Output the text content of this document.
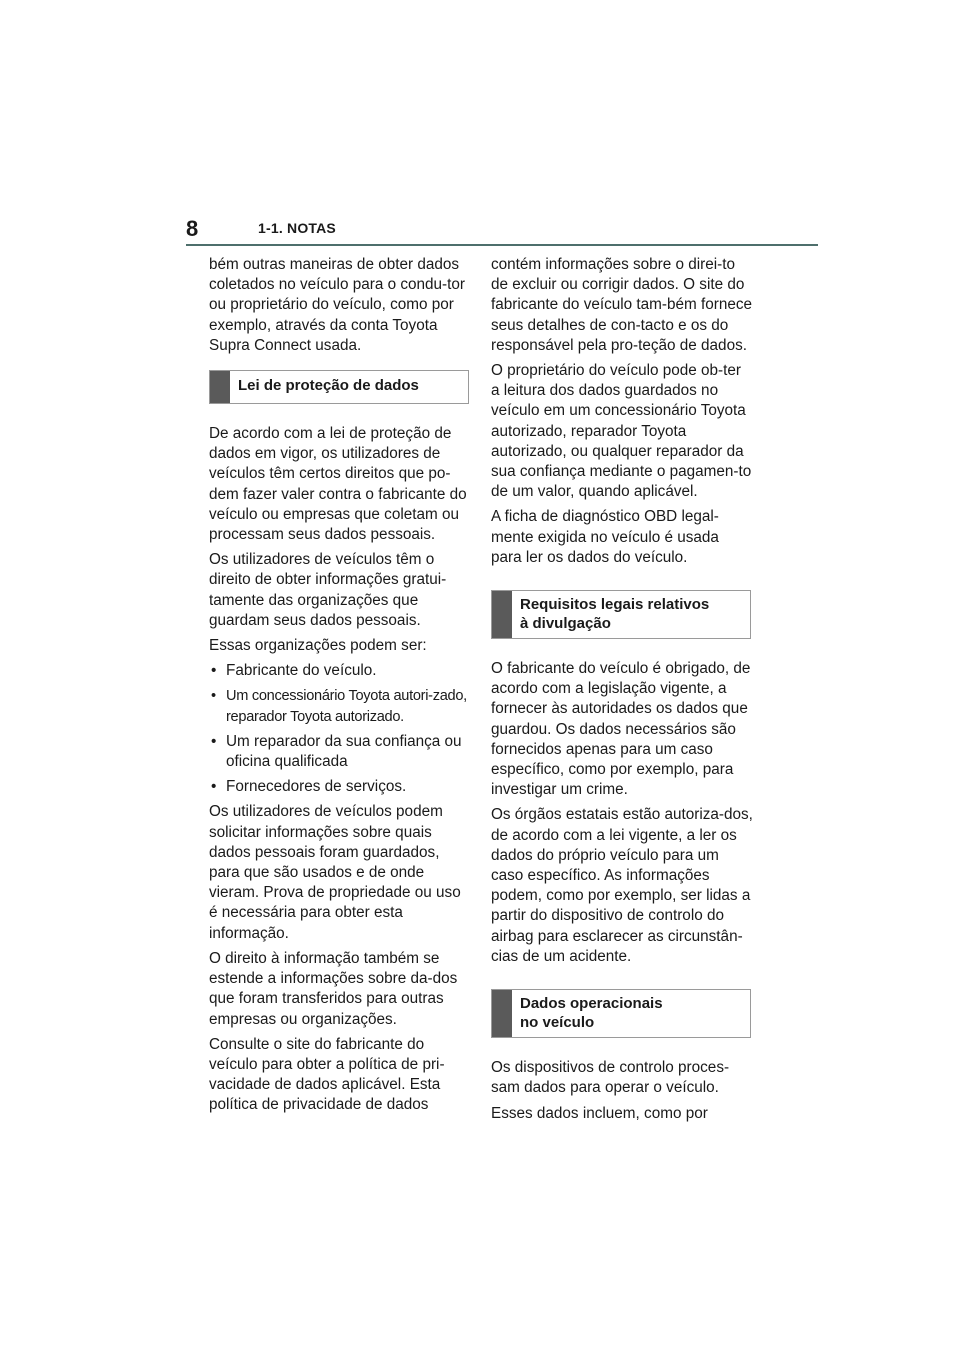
8	1-1. NOTAS

bém outras maneiras de obter dados coletados no veículo para o condu-tor ou proprietário do veículo, como por exemplo, através da conta Toyota Supra Connect usada.

Lei de proteção de dados

De acordo com a lei de proteção de dados em vigor, os utilizadores de veículos têm certos direitos que po-dem fazer valer contra o fabricante do veículo ou empresas que coletam ou processam seus dados pessoais.

Os utilizadores de veículos têm o direito de obter informações gratui-tamente das organizações que guardam seus dados pessoais.

Essas organizações podem ser:

• Fabricante do veículo.
• Um concessionário Toyota autori-zado, reparador Toyota autorizado.
• Um reparador da sua confiança ou oficina qualificada
• Fornecedores de serviços.

Os utilizadores de veículos podem solicitar informações sobre quais dados pessoais foram guardados, para que são usados e de onde vieram. Prova de propriedade ou uso é necessária para obter esta informação.

O direito à informação também se estende a informações sobre da-dos que foram transferidos para outras empresas ou organizações.

Consulte o site do fabricante do veículo para obter a política de pri-vacidade de dados aplicável. Esta política de privacidade de dados

contém informações sobre o direi-to de excluir ou corrigir dados. O site do fabricante do veículo tam-bém fornece seus detalhes de con-tacto e os do responsável pela pro-teção de dados.

O proprietário do veículo pode ob-ter a leitura dos dados guardados no veículo em um concessionário Toyota autorizado, reparador Toyota autorizado, ou qualquer reparador da sua confiança mediante o pagamen-to de um valor, quando aplicável.

A ficha de diagnóstico OBD legal-mente exigida no veículo é usada para ler os dados do veículo.

Requisitos legais relativos
à divulgação

O fabricante do veículo é obrigado, de acordo com a legislação vigente, a fornecer às autoridades os dados que guardou. Os dados necessários são fornecidos apenas para um caso específico, como por exemplo, para investigar um crime.

Os órgãos estatais estão autoriza-dos, de acordo com a lei vigente, a ler os dados do próprio veículo para um caso específico. As informações podem, como por exemplo, ser lidas a partir do dispositivo de controlo do airbag para esclarecer as circunstân-cias de um acidente.

Dados operacionais
no veículo

Os dispositivos de controlo proces-sam dados para operar o veículo.

Esses dados incluem, como por
